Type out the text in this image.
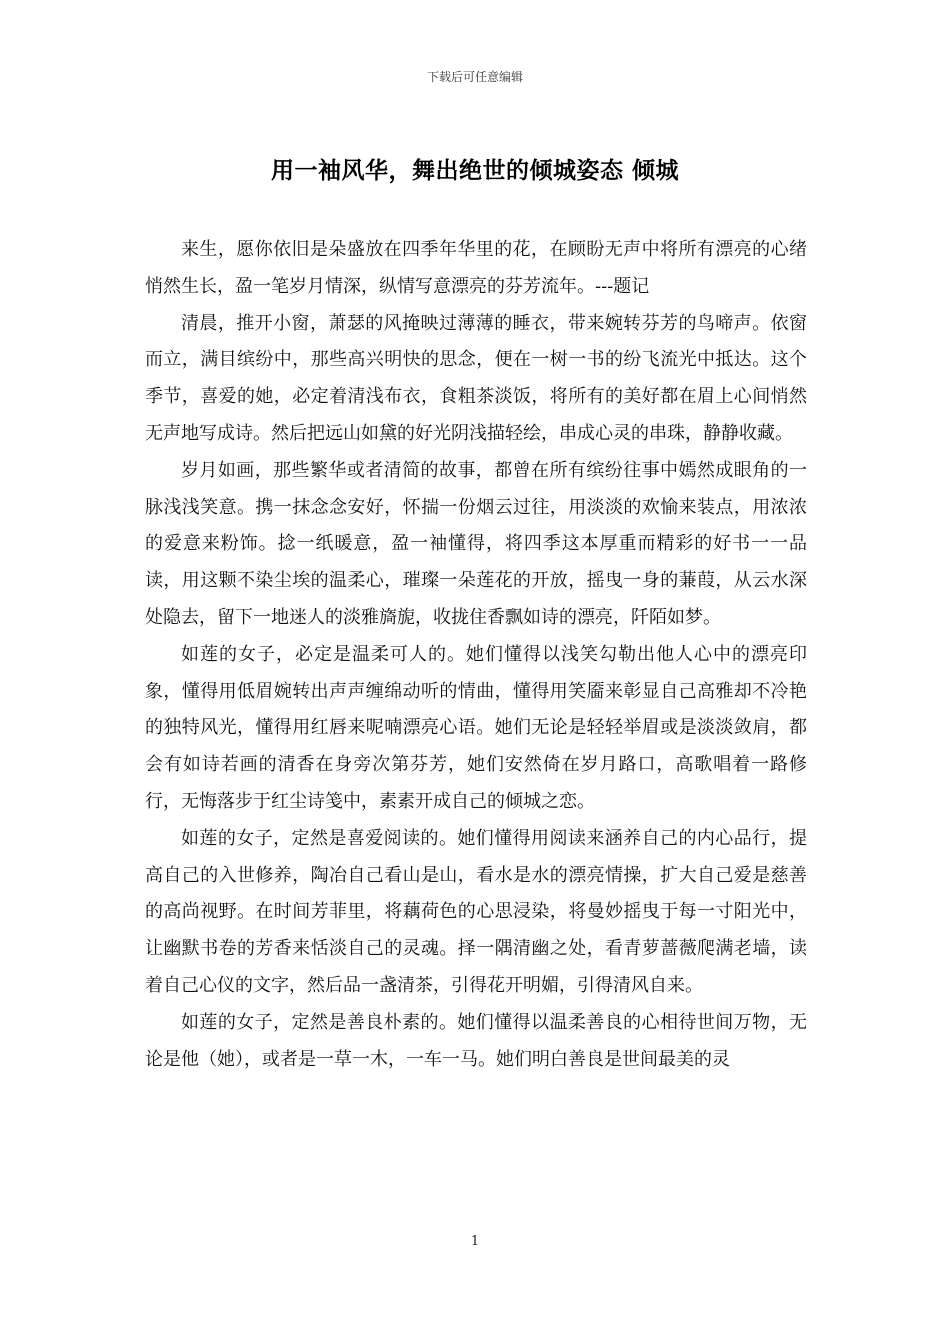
下载后可任意编辑
用一袖风华，舞出绝世的倾城姿态 倾城

来生，愿你依旧是朵盛放在四季年华里的花，在顾盼无声中将所有漂亮的心绪悄然生长，盈一笔岁月情深，纵情写意漂亮的芬芳流年。---题记

清晨，推开小窗，萧瑟的风掩映过薄薄的睡衣，带来婉转芬芳的鸟啼声。依窗而立，满目缤纷中，那些高兴明快的思念，便在一树一书的纷飞流光中抵达。这个季节，喜爱的她，必定着清浅布衣，食粗茶淡饭，将所有的美好都在眉上心间悄然无声地写成诗。然后把远山如黛的好光阴浅描轻绘，串成心灵的串珠，静静收藏。

岁月如画，那些繁华或者清简的故事，都曾在所有缤纷往事中嫣然成眼角的一脉浅浅笑意。携一抹念念安好，怀揣一份烟云过往，用淡淡的欢愉来装点，用浓浓的爱意来粉饰。捻一纸暖意，盈一袖懂得，将四季这本厚重而精彩的好书一一品读，用这颗不染尘埃的温柔心，璀璨一朵莲花的开放，摇曳一身的蒹葭，从云水深处隐去，留下一地迷人的淡雅旖旎，收拢住香飘如诗的漂亮，阡陌如梦。

如莲的女子，必定是温柔可人的。她们懂得以浅笑勾勒出他人心中的漂亮印象，懂得用低眉婉转出声声缠绵动听的情曲，懂得用笑靥来彰显自己高雅却不冷艳的独特风光，懂得用红唇来呢喃漂亮心语。她们无论是轻轻举眉或是淡淡敛肩，都会有如诗若画的清香在身旁次第芬芳，她们安然倚在岁月路口，高歌唱着一路修行，无悔落步于红尘诗笺中，素素开成自己的倾城之恋。

如莲的女子，定然是喜爱阅读的。她们懂得用阅读来涵养自己的内心品行，提高自己的入世修养，陶冶自己看山是山，看水是水的漂亮情操，扩大自己爱是慈善的高尚视野。在时间芳菲里，将藕荷色的心思浸染，将曼妙摇曳于每一寸阳光中，让幽默书卷的芳香来恬淡自己的灵魂。择一隅清幽之处，看青萝蔷薇爬满老墙，读着自己心仪的文字，然后品一盏清茶，引得花开明媚，引得清风自来。

如莲的女子，定然是善良朴素的。她们懂得以温柔善良的心相待世间万物，无论是他（她），或者是一草一木，一车一马。她们明白善良是世间最美的灵

1
